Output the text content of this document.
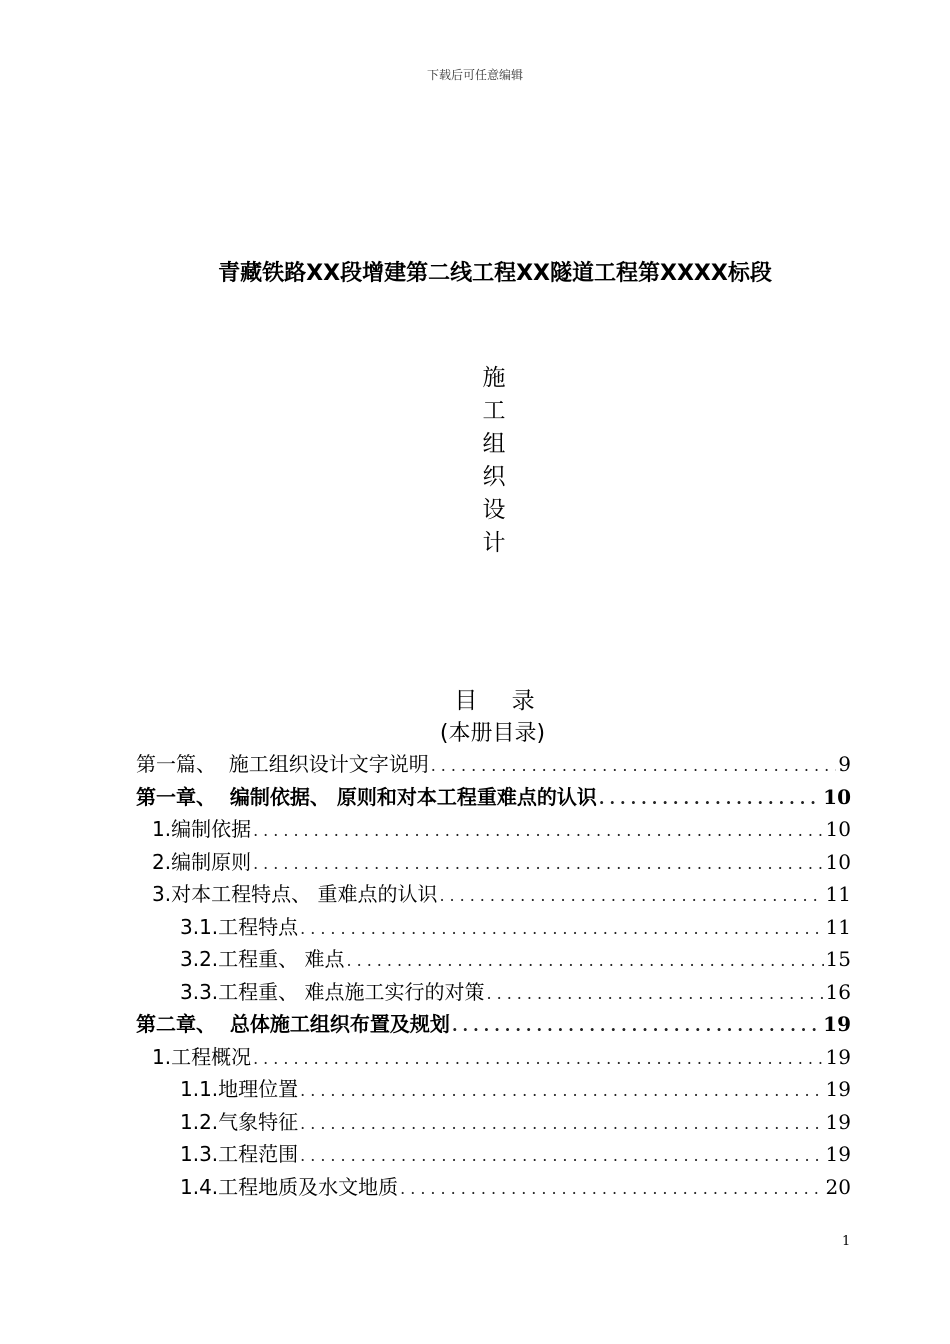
下载后可任意编辑
青藏铁路XX段增建第二线工程XX隧道工程第XXXX标段
施
工
组
织
设
计
目    录
(本册目录)
第一篇、  施工组织设计文字说明 .....	9
第一章、  编制依据、 原则和对本工程重难点的认识 .....	10
1.编制依据 .....	10
2.编制原则 .....	10
3.对本工程特点、 重难点的认识 .....	11
3.1.工程特点 .....	11
3.2.工程重、 难点 .....	15
3.3.工程重、 难点施工实行的对策 .....	16
第二章、  总体施工组织布置及规划 .....	19
1.工程概况 .....	19
1.1.地理位置 .....	19
1.2.气象特征 .....	19
1.3.工程范围 .....	19
1.4.工程地质及水文地质 .....	20
1
